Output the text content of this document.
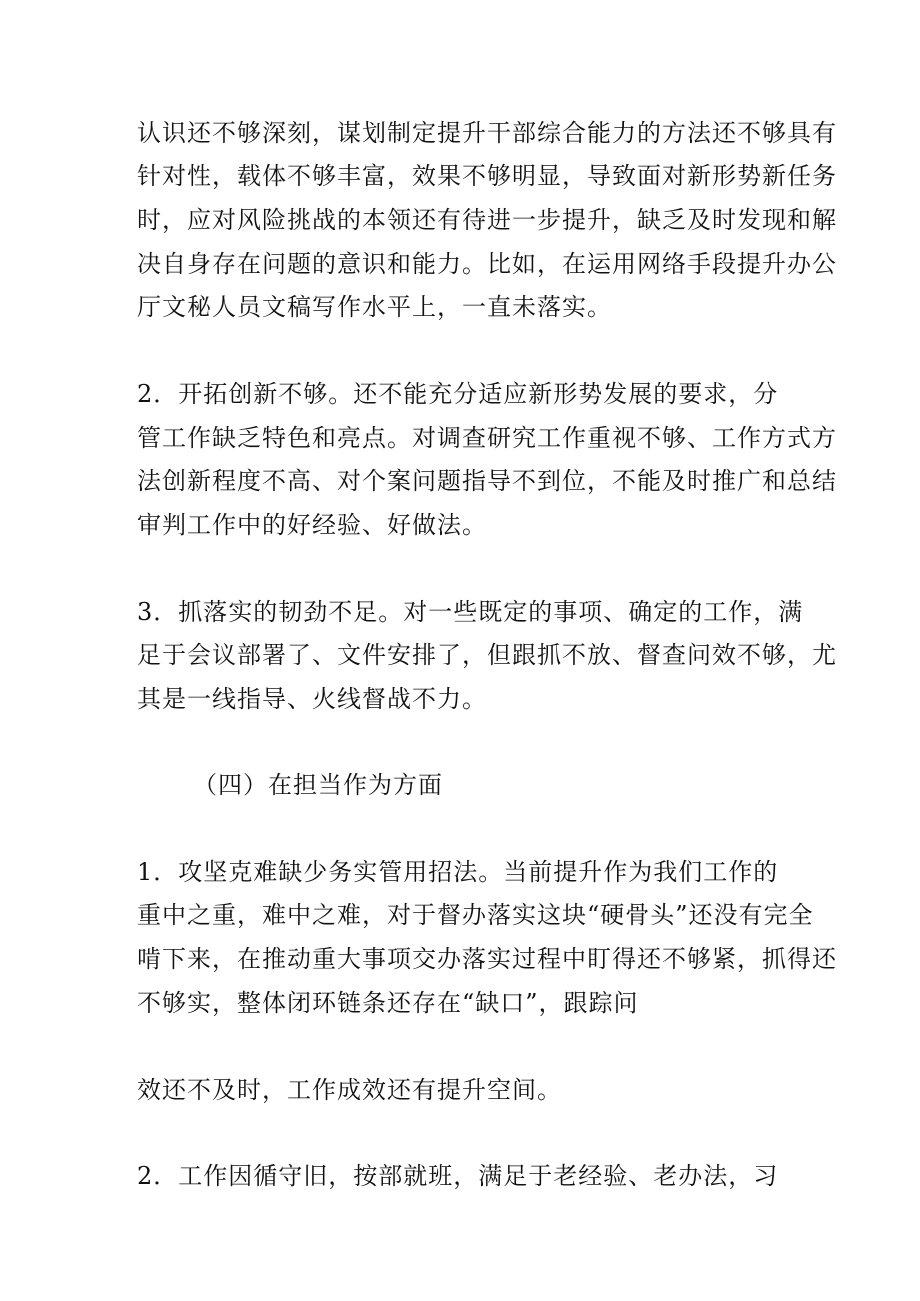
认识还不够深刻，谋划制定提升干部综合能力的方法还不够具有
针对性，载体不够丰富，效果不够明显，导致面对新形势新任务
时，应对风险挑战的本领还有待进一步提升，缺乏及时发现和解
决自身存在问题的意识和能力。比如，在运用网络手段提升办公
厅文秘人员文稿写作水平上，一直未落实。
2．开拓创新不够。还不能充分适应新形势发展的要求，分
管工作缺乏特色和亮点。对调查研究工作重视不够、工作方式方
法创新程度不高、对个案问题指导不到位，不能及时推广和总结
审判工作中的好经验、好做法。
3．抓落实的韧劲不足。对一些既定的事项、确定的工作，满
足于会议部署了、文件安排了，但跟抓不放、督查问效不够，尤
其是一线指导、火线督战不力。
（四）在担当作为方面
1．攻坚克难缺少务实管用招法。当前提升作为我们工作的
重中之重，难中之难，对于督办落实这块“硬骨头”还没有完全
啃下来，在推动重大事项交办落实过程中盯得还不够紧，抓得还
不够实，整体闭环链条还存在“缺口”，跟踪问
效还不及时，工作成效还有提升空间。
2．工作因循守旧，按部就班，满足于老经验、老办法，习
